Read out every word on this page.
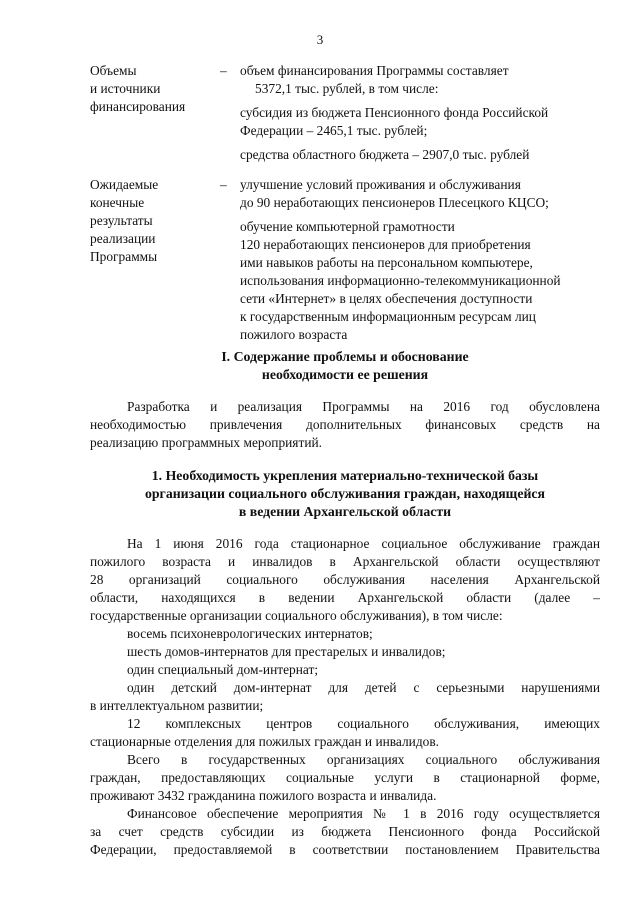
3
Объемы
и источники
финансирования
– объем финансирования Программы составляет
5372,1 тыс. рублей, в том числе:

субсидия из бюджета Пенсионного фонда Российской
Федерации – 2465,1 тыс. рублей;

средства областного бюджета – 2907,0 тыс. рублей

Ожидаемые
конечные
результаты
реализации
Программы
– улучшение условий проживания и обслуживания
до 90 неработающих пенсионеров Плесецкого КЦСО;

обучение компьютерной грамотности
120 неработающих пенсионеров для приобретения
ими навыков работы на персональном компьютере,
использования информационно-телекоммуникационной
сети «Интернет» в целях обеспечения доступности
к государственным информационным ресурсам лиц
пожилого возраста

I. Содержание проблемы и обоснование
необходимости ее решения

Разработка и реализация Программы на 2016 год обусловлена

необходимостью привлечения дополнительных финансовых средств на
реализацию программных мероприятий.

1. Необходимость укрепления материально-технической базы
организации социального обслуживания граждан, находящейся
в ведении Архангельской области

На 1 июня 2016 года стационарное социальное обслуживание граждан

пожилого возраста и инвалидов в Архангельской области осуществляют
28 организаций социального обслуживания населения Архангельской
области, находящихся в ведении Архангельской области (далее –
государственные организации социального обслуживания), в том числе:

восемь психоневрологических интернатов;

шесть домов-интернатов для престарелых и инвалидов;

один специальный дом-интернат;

один детский дом-интернат для детей с серьезными нарушениями

в интеллектуальном развитии;

12 комплексных центров социального обслуживания, имеющих

стационарные отделения для пожилых граждан и инвалидов.

Всего в государственных организациях социального обслуживания

граждан, предоставляющих социальные услуги в стационарной форме,
проживают 3432 гражданина пожилого возраста и инвалида.

Финансовое обеспечение мероприятия № 1 в 2016 году осуществляется

за счет средств субсидии из бюджета Пенсионного фонда Российской
Федерации, предоставляемой в соответствии постановлением Правительства
